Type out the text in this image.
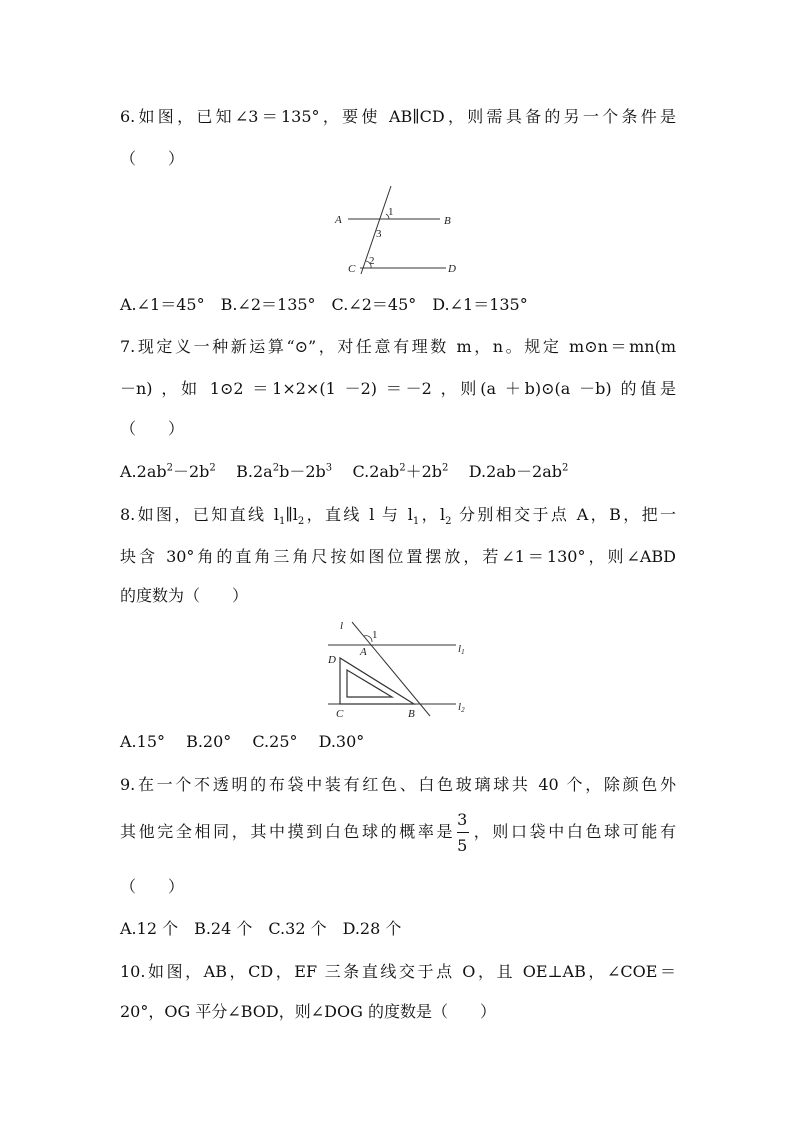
6.如图，已知∠3＝135°，要使 AB∥CD，则需具备的另一个条件是
（　　）
A	B
C	D
1
2
3
A.∠1＝45°　B.∠2＝135°　C.∠2＝45°　D.∠1＝135°
7.现定义一种新运算“⊙”，对任意有理数 m，n。规定 m⊙n＝mn(m
－n) ，如 1⊙2 ＝1×2×(1 －2) ＝－2 ，则(a ＋b)⊙(a －b) 的值是
（　　）
$A.2ab^2-2b^2$ $B.2a^2b-2b^3$ $C.2ab^2+2b^2$ $D.2ab-2ab^2$
8.如图，已知直线 $l_1\parallel l_2$，直线 l 与 $l_1$，$l_2$ 分别相交于点 A，B，把一
块含 30°角的直角三角尺按如图位置摆放，若∠1＝130°，则∠ABD
的度数为（　　）
l
1
A
D
C	B
l1
l2
A.15°　 B.20°　 C.25°　 D.30°
9.在一个不透明的布袋中装有红色、白色玻璃球共 40 个，除颜色外
其他完全相同，其中摸到白色球的概率是 $\frac{3}{5}$ ，则口袋中白色球可能有
（　　）
A.12 个　B.24 个　C.32 个　D.28 个
10.如图，AB，CD，EF 三条直线交于点 O，且 OE⊥AB，∠COE＝
20°，OG 平分∠BOD，则∠DOG 的度数是（　　）
